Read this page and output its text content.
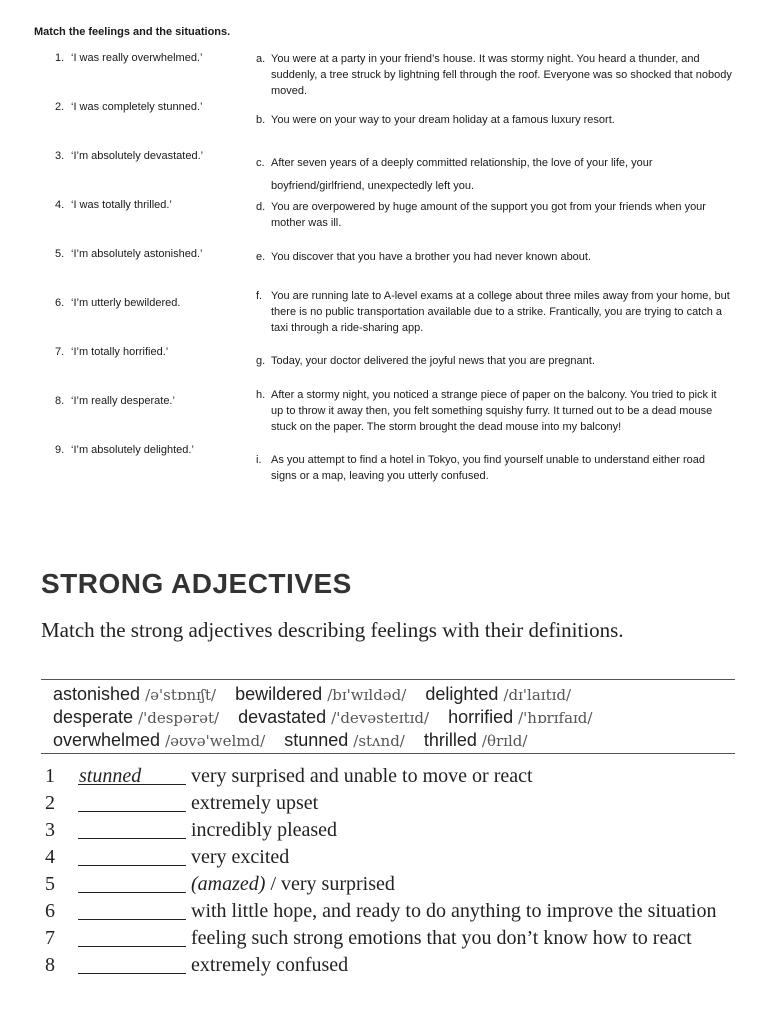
Match the feelings and the situations.
1. ‘I was really overwhelmed.’
2. ‘I was completely stunned.’
3. ‘I’m absolutely devastated.’
4. ‘I was totally thrilled.’
5. ‘I’m absolutely astonished.’
6. ‘I’m utterly bewildered.
7. ‘I’m totally horrified.’
8. ‘I’m really desperate.’
9. ‘I’m absolutely delighted.’
a. You were at a party in your friend’s house. It was stormy night. You heard a thunder, and suddenly, a tree struck by lightning fell through the roof. Everyone was so shocked that nobody moved.
b. You were on your way to your dream holiday at a famous luxury resort.
c. After seven years of a deeply committed relationship, the love of your life, your boyfriend/girlfriend, unexpectedly left you.
d. You are overpowered by huge amount of the support you got from your friends when your mother was ill.
e. You discover that you have a brother you had never known about.
f. You are running late to A-level exams at a college about three miles away from your home, but there is no public transportation available due to a strike. Frantically, you are trying to catch a taxi through a ride-sharing app.
g. Today, your doctor delivered the joyful news that you are pregnant.
h. After a stormy night, you noticed a strange piece of paper on the balcony. You tried to pick it up to throw it away then, you felt something squishy furry. It turned out to be a dead mouse stuck on the paper. The storm brought the dead mouse into my balcony!
i. As you attempt to find a hotel in Tokyo, you find yourself unable to understand either road signs or a map, leaving you utterly confused.
STRONG ADJECTIVES
Match the strong adjectives describing feelings with their definitions.
astonished /ə'stɒnɪʃt/ bewildered /bɪ'wɪldəd/ delighted /dɪ'laɪtɪd/
desperate /'despərət/ devastated /'devəsteɪtɪd/ horrified /'hɒrɪfaɪd/
overwhelmed /əʊvə'welmd/ stunned /stʌnd/ thrilled /θrɪld/
1 stunned	very surprised and unable to move or react
2	extremely upset
3	incredibly pleased
4	very excited
5	(amazed) / very surprised
6	with little hope, and ready to do anything to improve the situation
7	feeling such strong emotions that you don’t know how to react
8	extremely confused
